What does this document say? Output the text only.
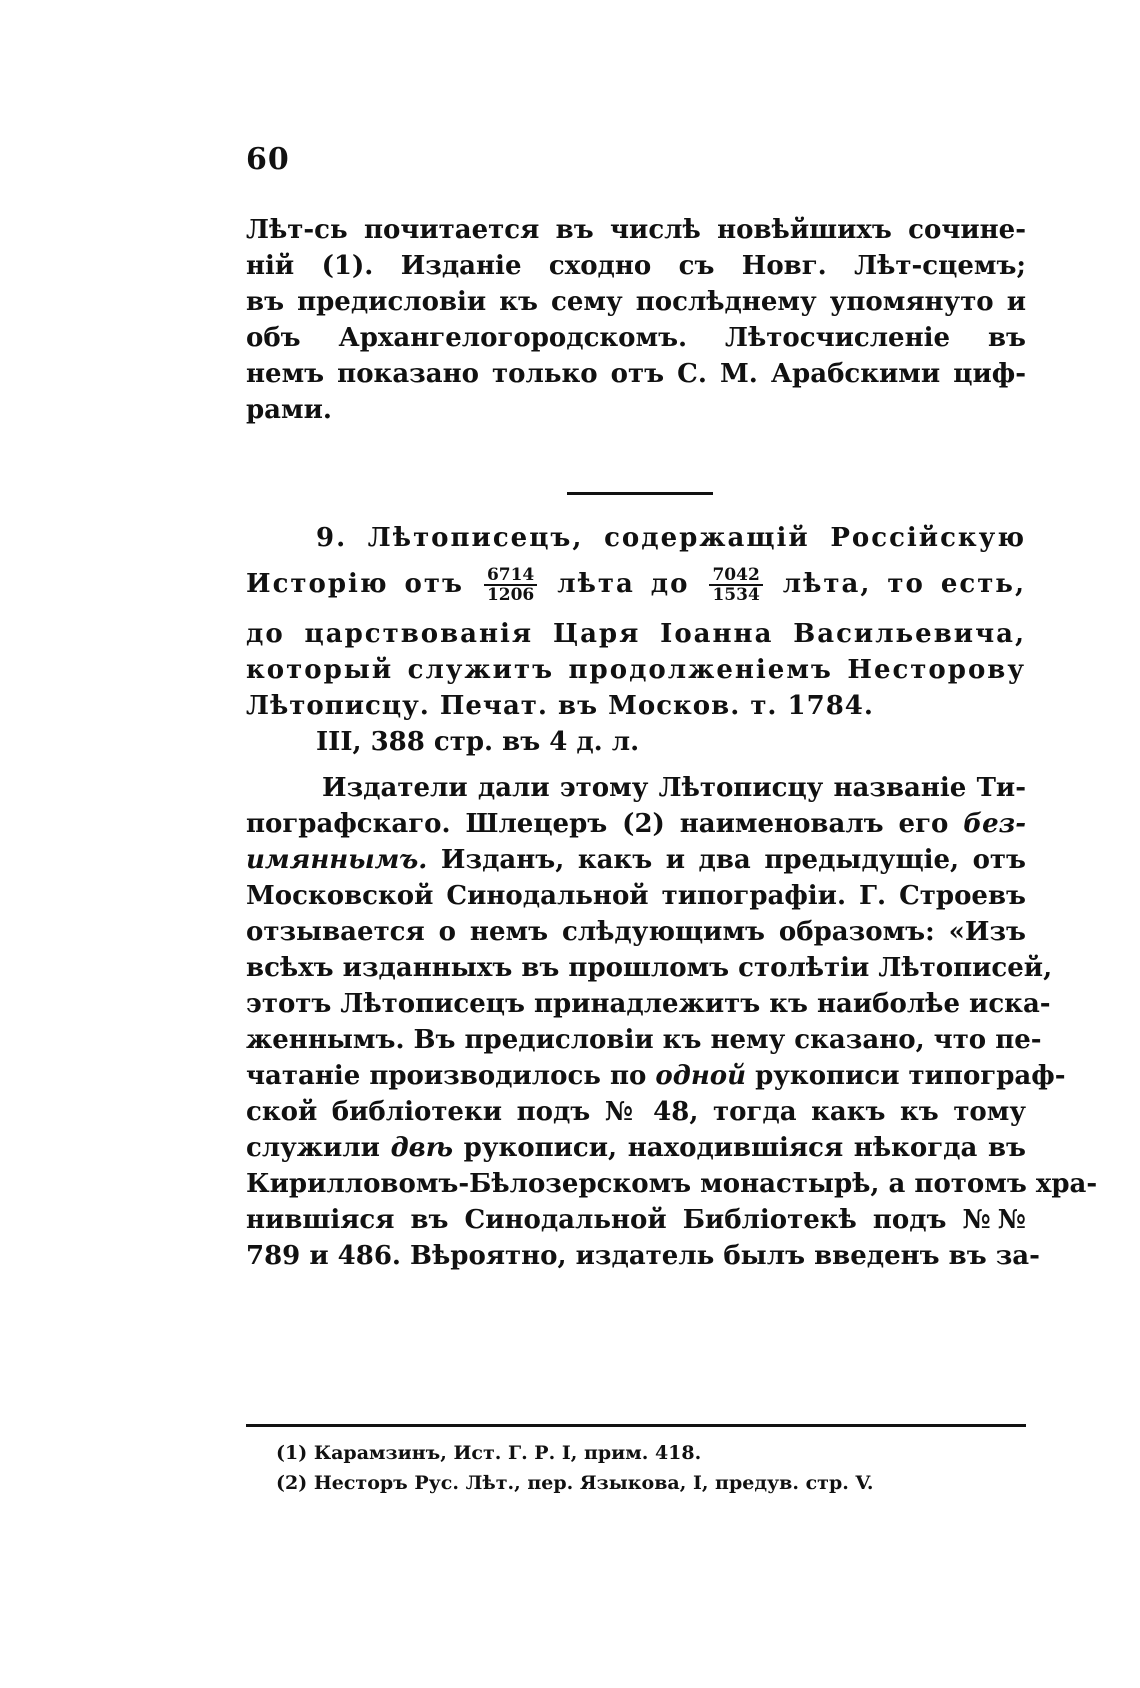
60
Лѣт-сь почитается въ числѣ новѣйшихъ сочине-
ній (1). Изданіе сходно съ Новг. Лѣт-сцемъ;
въ предисловіи къ сему послѣднему упомянуто и
объ Архангелогородскомъ. Лѣтосчисленіе въ
немъ показано только отъ С. М. Арабскими циф-
рами.
9. Лѣтописецъ, содержащій Россійскую
Исторію отъ $\frac{6714}{1206}$ лѣта до $\frac{7042}{1534}$ лѣта, то есть,
до царствованія Царя Іоанна Васильевича,
который служитъ продолженіемъ Несторову
Лѣтописцу. Печат. въ Москов. т. 1784.
III, 388 стр. въ 4 д. л.
Издатели дали этому Лѣтописцу названіе Ти-
пографскаго. Шлецеръ (2) наименовалъ его без-
имяннымъ. Изданъ, какъ и два предыдущіе, отъ
Московской Синодальной типографіи. Г. Строевъ
отзывается о немъ слѣдующимъ образомъ: «Изъ
всѣхъ изданныхъ въ прошломъ столѣтіи Лѣтописей,
этотъ Лѣтописецъ принадлежитъ къ наиболѣе иска-
женнымъ. Въ предисловіи къ нему сказано, что пе-
чатаніе производилось по одной рукописи типограф-
ской библіотеки подъ № 48, тогда какъ къ тому
служили двѣ рукописи, находившіяся нѣкогда въ
Кирилловомъ-Бѣлозерскомъ монастырѣ, а потомъ хра-
нившіяся въ Синодальной Библіотекѣ подъ №№
789 и 486. Вѣроятно, издатель былъ введенъ въ за-
(1) Карамзинъ, Ист. Г. Р. I, прим. 418.
(2) Несторъ Рус. Лѣт., пер. Языкова, I, предув. стр. V.
